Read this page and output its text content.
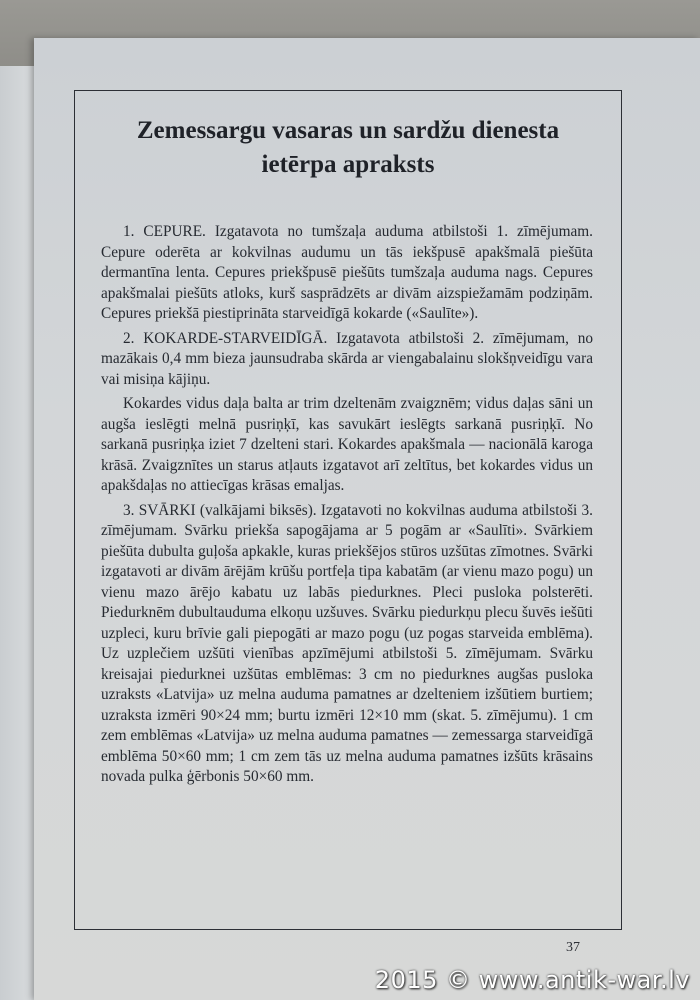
Zemessargu vasaras un sardžu dienesta
ietērpa apraksts

1. CEPURE. Izgatavota no tumšzaļa auduma atbilstoši 1. zīmējumam. Cepure oderēta ar kokvilnas audumu un tās iekšpusē apakšmalā piešūta dermantīna lenta. Cepures priekšpusē piešūts tumšzaļa auduma nags. Cepures apakšmalai piešūts atloks, kurš sasprādzēts ar divām aizspiežamām podziņām. Cepures priekšā piestiprināta starveidīgā kokarde («Saulīte»).

2. KOKARDE-STARVEIDĪGĀ. Izgatavota atbilstoši 2. zīmējumam, no mazākais 0,4 mm bieza jaunsudraba skārda ar viengabalainu slokšņveidīgu vara vai misiņa kājiņu.

Kokardes vidus daļa balta ar trim dzeltenām zvaigznēm; vidus daļas sāni un augša ieslēgti melnā pusriņķī, kas savukārt ieslēgts sarkanā pusriņķī. No sarkanā pusriņķa iziet 7 dzelteni stari. Kokardes apakšmala — nacionālā karoga krāsā. Zvaigznītes un starus atļauts izgatavot arī zeltītus, bet kokardes vidus un apakšdaļas no attiecīgas krāsas emaljas.

3. SVĀRKI (valkājami biksēs). Izgatavoti no kokvilnas auduma atbilstoši 3. zīmējumam. Svārku priekša sapogājama ar 5 pogām ar «Saulīti». Svārkiem piešūta dubulta guļoša apkakle, kuras priekšējos stūros uzšūtas zīmotnes. Svārki izgatavoti ar divām ārējām krūšu portfeļa tipa kabatām (ar vienu mazo pogu) un vienu mazo ārējo kabatu uz labās piedurknes. Pleci pusloka polsterēti. Piedurknēm dubultauduma elkoņu uzšuves. Svārku piedurkņu plecu šuvēs iešūti uzpleci, kuru brīvie gali piepogāti ar mazo pogu (uz pogas starveida emblēma). Uz uzplečiem uzšūti vienības apzīmējumi atbilstoši 5. zīmējumam. Svārku kreisajai piedurknei uzšūtas emblēmas: 3 cm no piedurknes augšas pusloka uzraksts «Latvija» uz melna auduma pamatnes ar dzelteniem izšūtiem burtiem; uzraksta izmēri 90×24 mm; burtu izmēri 12×10 mm (skat. 5. zīmējumu). 1 cm zem emblēmas «Latvija» uz melna auduma pamatnes — zemessarga starveidīgā emblēma 50×60 mm; 1 cm zem tās uz melna auduma pamatnes izšūts krāsains novada pulka ģērbonis 50×60 mm.

37
2015 © www.antik-war.lv
